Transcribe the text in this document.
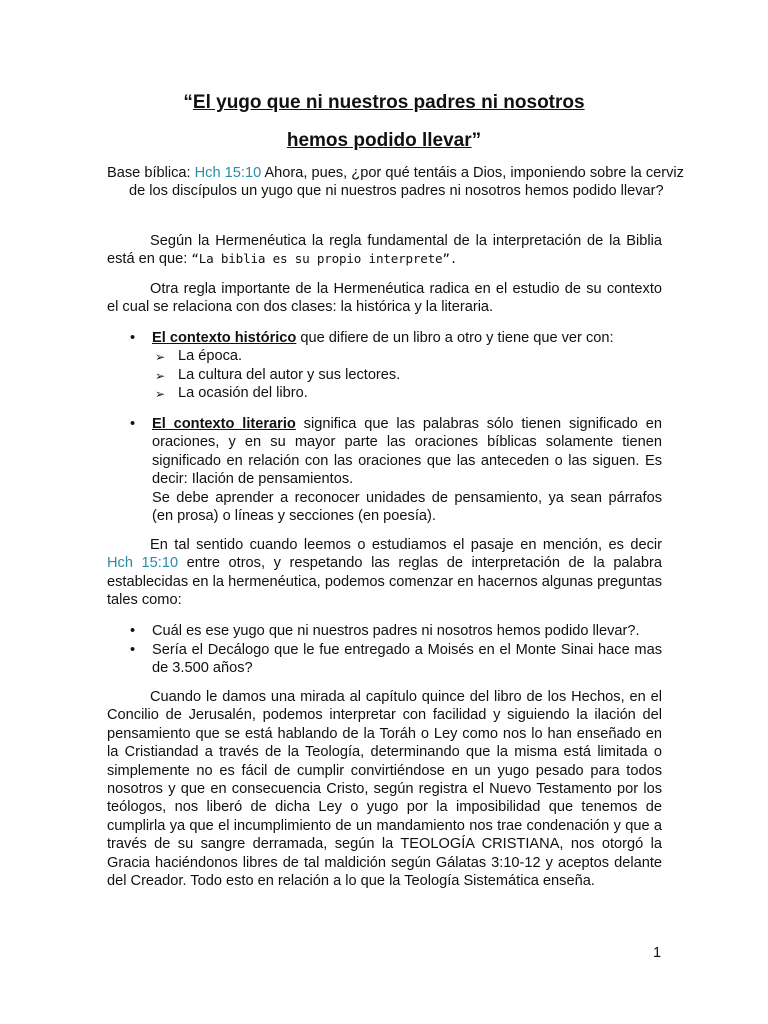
“El yugo que ni nuestros padres ni nosotros
hemos podido llevar”

Base bíblica: Hch 15:10 Ahora, pues, ¿por qué tentáis a Dios, imponiendo sobre la cerviz de los discípulos un yugo que ni nuestros padres ni nosotros hemos podido llevar?

Según la Hermenéutica la regla fundamental de la interpretación de la Biblia está en que: “La biblia es su propio interprete”.

Otra regla importante de la Hermenéutica radica en el estudio de su contexto el cual se relaciona con dos clases: la histórica y la literaria.

• El contexto histórico que difiere de un libro a otro y tiene que ver con:

➢ La época.
➢ La cultura del autor y sus lectores.
➢ La ocasión del libro.
• El contexto literario significa que las palabras sólo tienen significado en oraciones, y en su mayor parte las oraciones bíblicas solamente tienen significado en relación con las oraciones que las anteceden o las siguen. Es decir: Ilación de pensamientos.

Se debe aprender a reconocer unidades de pensamiento, ya sean párrafos (en prosa) o líneas y secciones (en poesía).

En tal sentido cuando leemos o estudiamos el pasaje en mención, es decir Hch 15:10 entre otros, y respetando las reglas de interpretación de la palabra establecidas en la hermenéutica, podemos comenzar en hacernos algunas preguntas tales como:

• Cuál es ese yugo que ni nuestros padres ni nosotros hemos podido llevar?.

• Sería el Decálogo que le fue entregado a Moisés en el Monte Sinai hace mas de 3.500 años?

Cuando le damos una mirada al capítulo quince del libro de los Hechos, en el Concilio de Jerusalén, podemos interpretar con facilidad y siguiendo la ilación del pensamiento que se está hablando de la Toráh o Ley como nos lo han enseñado en la Cristiandad a través de la Teología, determinando que la misma está limitada o simplemente no es fácil de cumplir convirtiéndose en un yugo pesado para todos nosotros y que en consecuencia Cristo, según registra el Nuevo Testamento por los teólogos, nos liberó de dicha Ley o yugo por la imposibilidad que tenemos de cumplirla ya que el incumplimiento de un mandamiento nos trae condenación y que a través de su sangre derramada, según la TEOLOGÍA CRISTIANA, nos otorgó la Gracia haciéndonos libres de tal maldición según Gálatas 3:10-12 y aceptos delante del Creador. Todo esto en relación a lo que la Teología Sistemática enseña.

1
